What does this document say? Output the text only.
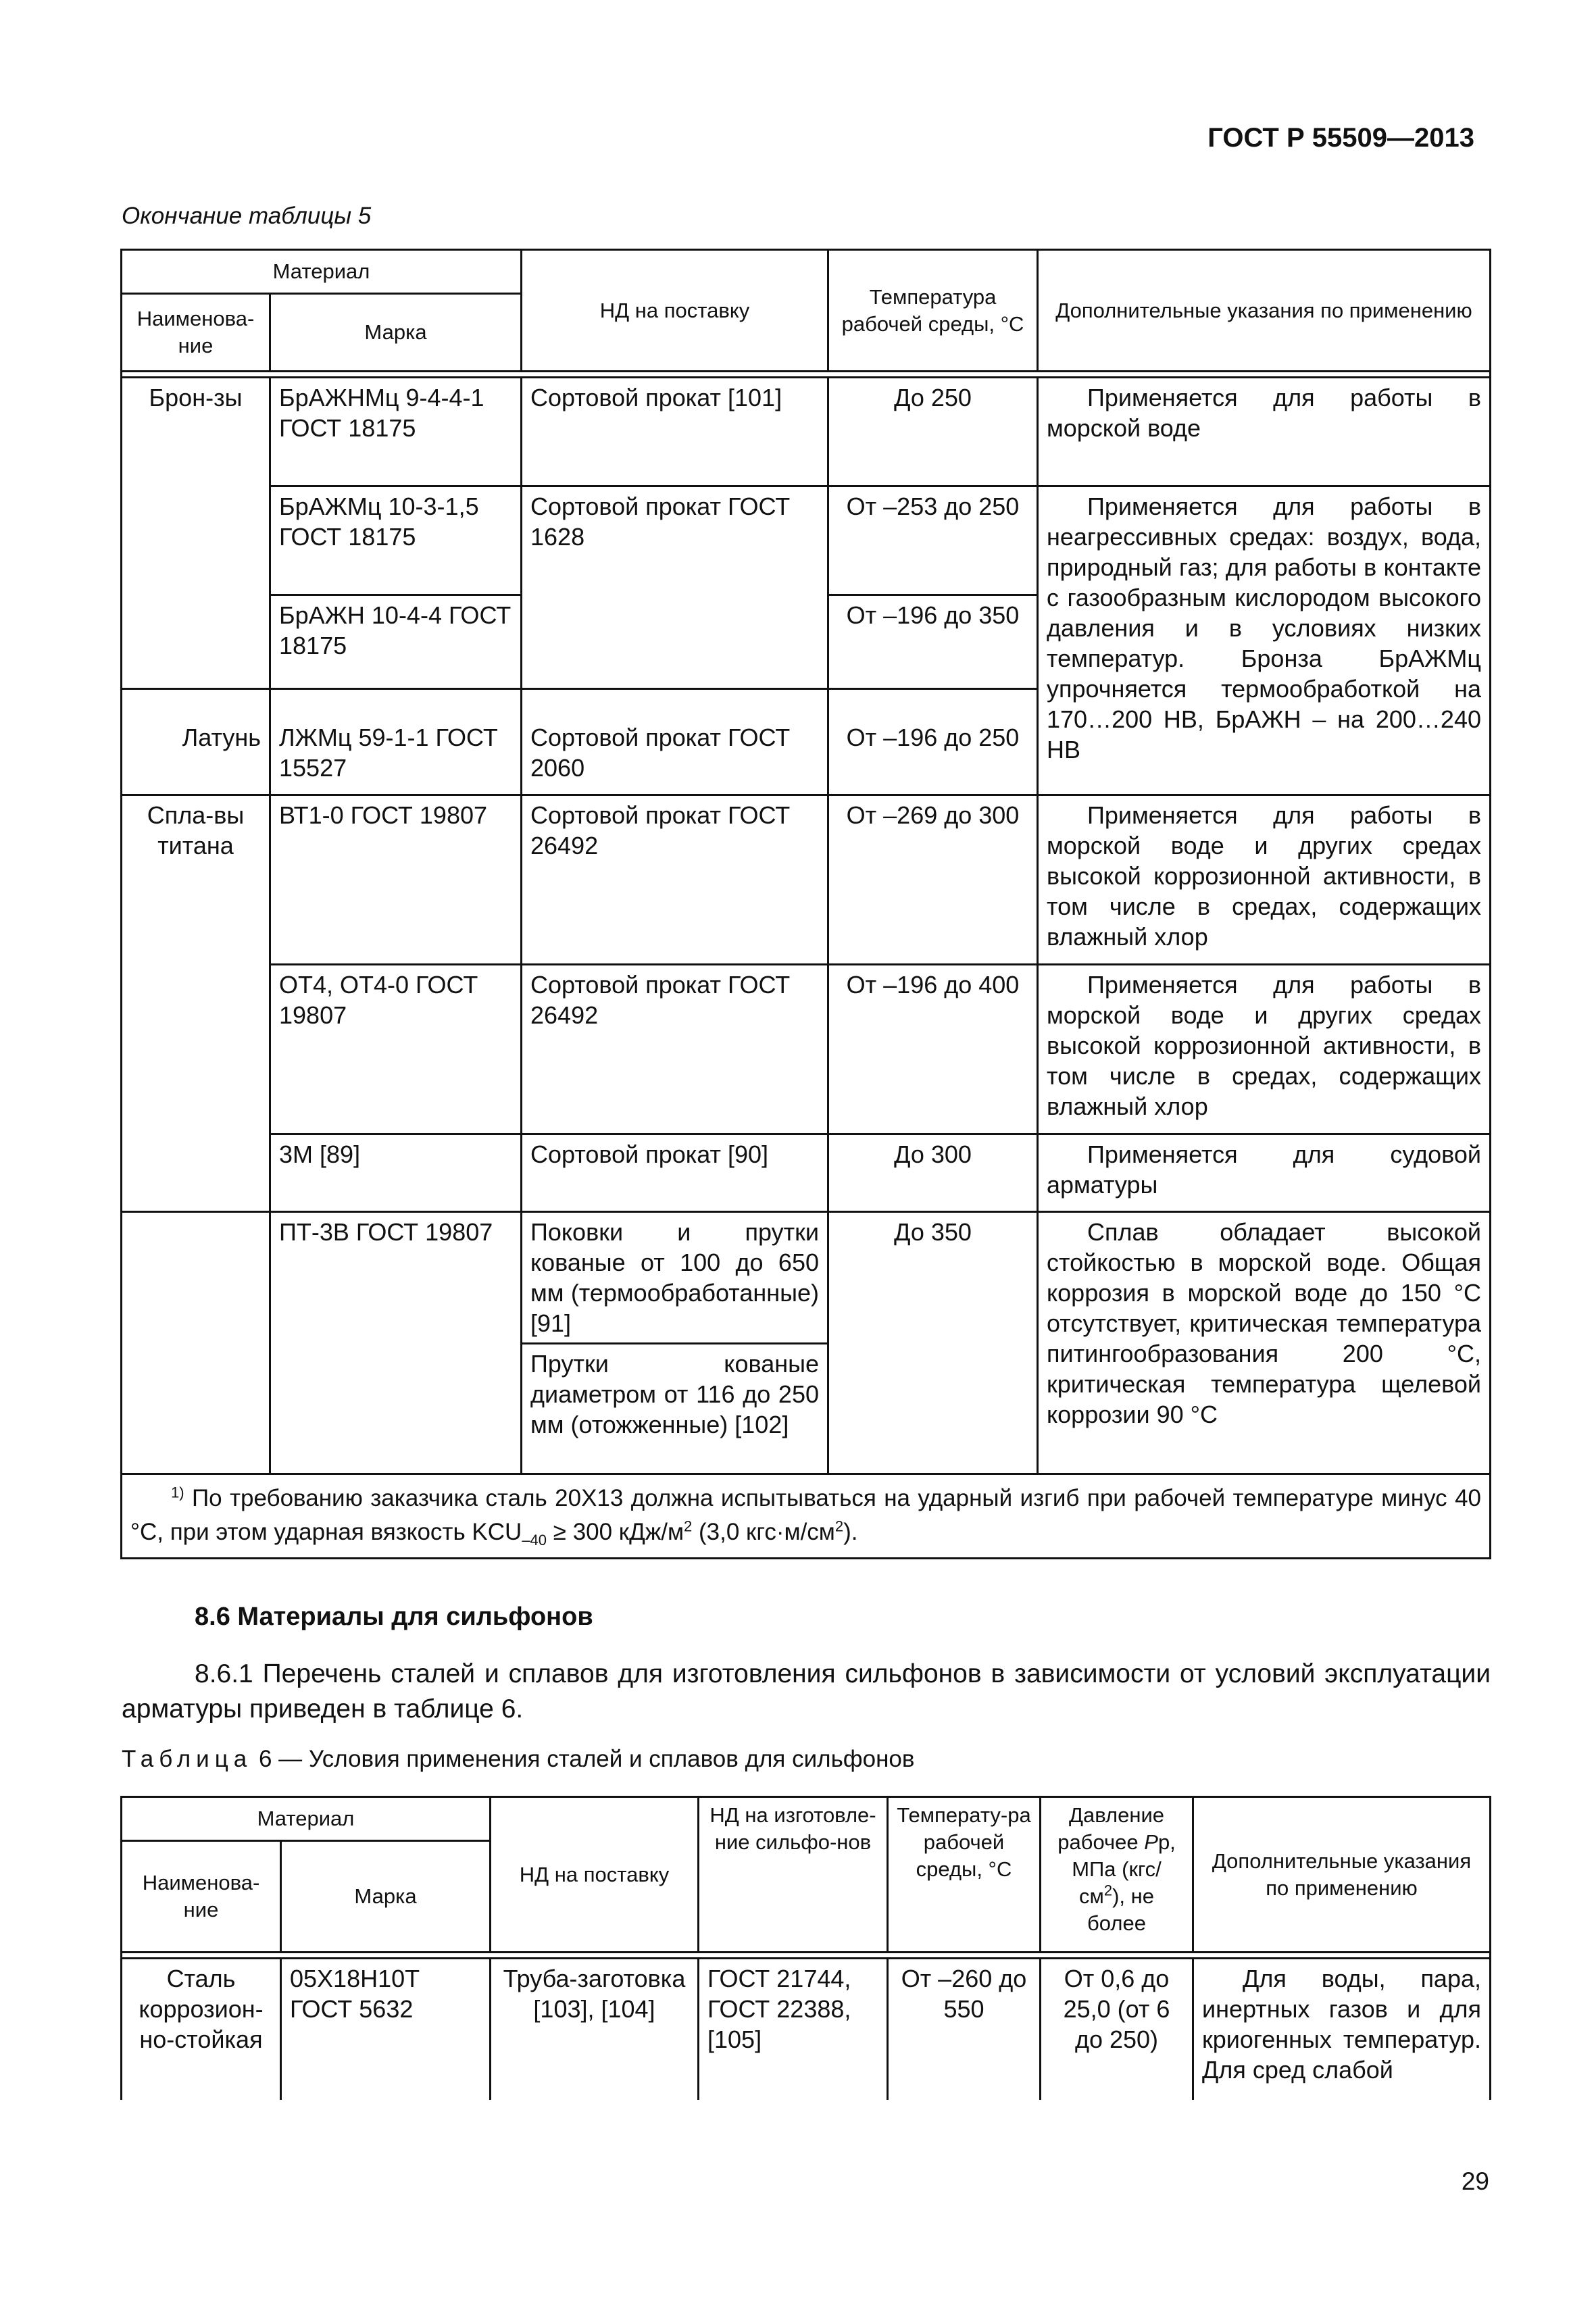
ГОСТ Р 55509—2013
Окончание таблицы 5
Материал		НД на поставку	Температура рабочей среды, °С	Дополнительные указания по применению
Наименова-ние	Марка			

Брон-зы	БрАЖНМц 9-4-4-1 ГОСТ 18175	Сортовой прокат [101]	До 250	Применяется для работы в морской воде
	БрАЖМц 10-3-1,5 ГОСТ 18175	Сортовой прокат ГОСТ 1628	От –253 до 250	Применяется для работы в неагрессивных средах: воздух, вода, природный газ; для работы в контакте с газообразным кислородом высокого давления и в условиях низких температур. Бронза БрАЖМц упрочняется термообработкой на 170…200 НВ, БрАЖН – на 200…240 НВ
	БрАЖН 10-4-4 ГОСТ 18175		От –196 до 350	
Латунь	ЛЖМц 59-1-1 ГОСТ 15527	Сортовой прокат ГОСТ 2060	От –196 до 250	
Спла-вы титана	ВТ1-0 ГОСТ 19807	Сортовой прокат ГОСТ 26492	От –269 до 300	Применяется для работы в морской воде и других средах высокой коррозионной активности, в том числе в средах, содержащих влажный хлор
	ОТ4, ОТ4-0 ГОСТ 19807	Сортовой прокат ГОСТ 26492	От –196 до 400	Применяется для работы в морской воде и других средах высокой коррозионной активности, в том числе в средах, содержащих влажный хлор
	3М [89]	Сортовой прокат [90]	До 300	Применяется для судовой арматуры
	ПТ-3В ГОСТ 19807	Поковки и прутки кованые от 100 до 650 мм (термообработанные) [91]	До 350	Сплав обладает высокой стойкостью в морской воде. Общая коррозия в морской воде до 150 °С отсутствует, критическая температура питингообразования 200 °С, критическая температура щелевой коррозии 90 °С
		Прутки кованые диаметром от 116 до 250 мм (отожженные) [102]		
$^{1)}$ По требованию заказчика сталь 20Х13 должна испытываться на ударный изгиб при рабочей температуре минус 40 °С, при этом ударная вязкость $KCU_{-40} \ge 300$ кДж/$м^2$ (3,0 $кгс\cdot м/см^2$).				
8.6 Материалы для сильфонов
8.6.1 Перечень сталей и сплавов для изготовления сильфонов в зависимости от условий эксплуатации арматуры приведен в таблице 6.
Таблица 6 — Условия применения сталей и сплавов для сильфонов
Материал		НД на поставку	НД на изготовле-ние сильфо-нов	Температу-ра рабочей среды, °С	Давление рабочее Pр, МПа $(кгс/см^2)$, не более	Дополнительные указания по применению
Наименова-ние	Марка					

Сталь коррозион-но-стойкая	05Х18Н10Т ГОСТ 5632	Труба-заготовка [103], [104]	ГОСТ 21744, ГОСТ 22388, [105]	От –260 до 550	От 0,6 до 25,0 (от 6 до 250)	Для воды, пара, инертных газов и для криогенных температур. Для сред слабой
29
